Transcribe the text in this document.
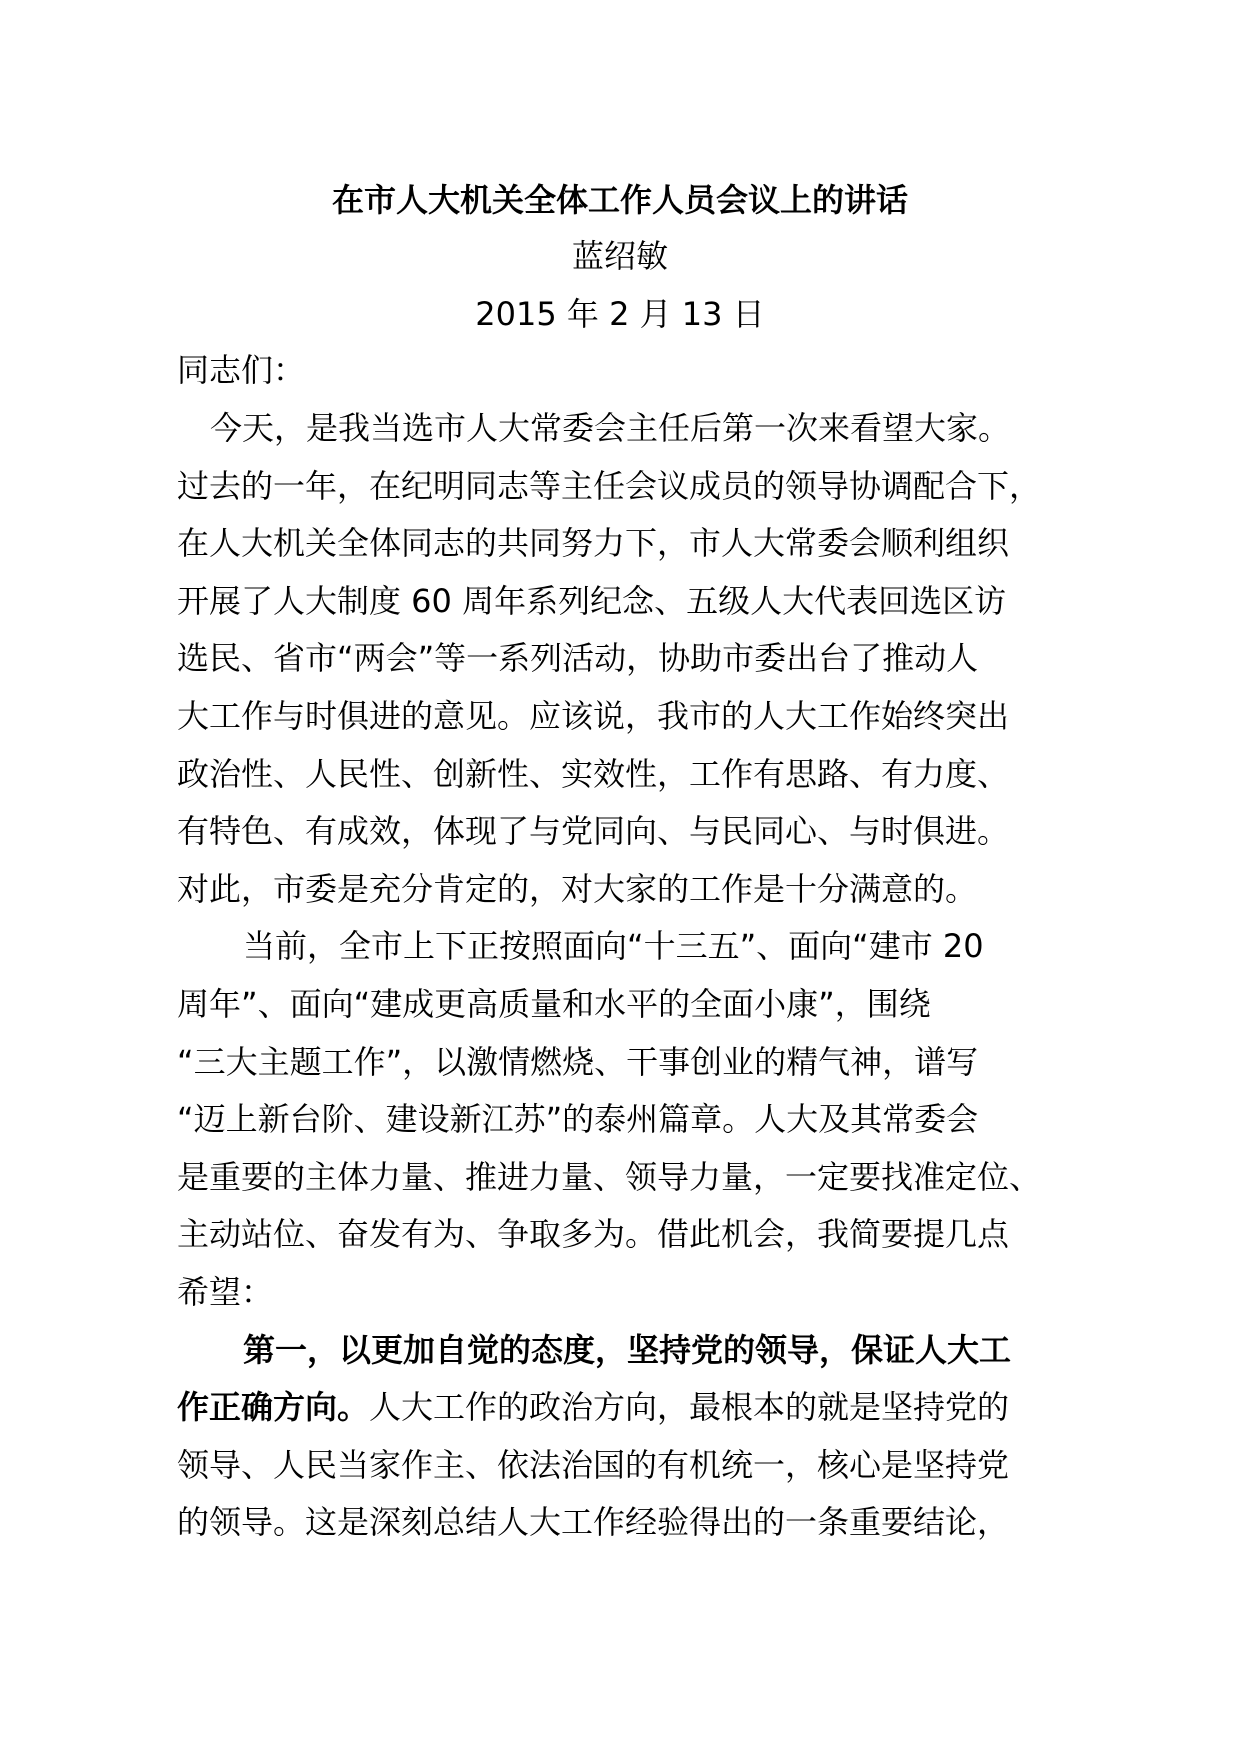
在市人大机关全体工作人员会议上的讲话
蓝绍敏
2015 年 2 月 13 日
同志们：
今天，是我当选市人大常委会主任后第一次来看望大家。
过去的一年，在纪明同志等主任会议成员的领导协调配合下，
在人大机关全体同志的共同努力下，市人大常委会顺利组织
开展了人大制度 60 周年系列纪念、五级人大代表回选区访
选民、省市“两会”等一系列活动，协助市委出台了推动人
大工作与时俱进的意见。应该说，我市的人大工作始终突出
政治性、人民性、创新性、实效性，工作有思路、有力度、
有特色、有成效，体现了与党同向、与民同心、与时俱进。
对此，市委是充分肯定的，对大家的工作是十分满意的。
当前，全市上下正按照面向“十三五”、面向“建市 20
周年”、面向“建成更高质量和水平的全面小康”，围绕
“三大主题工作”，以激情燃烧、干事创业的精气神，谱写
“迈上新台阶、建设新江苏”的泰州篇章。人大及其常委会
是重要的主体力量、推进力量、领导力量，一定要找准定位、
主动站位、奋发有为、争取多为。借此机会，我简要提几点
希望：
第一，以更加自觉的态度，坚持党的领导，保证人大工
作正确方向。人大工作的政治方向，最根本的就是坚持党的
领导、人民当家作主、依法治国的有机统一，核心是坚持党
的领导。这是深刻总结人大工作经验得出的一条重要结论，
